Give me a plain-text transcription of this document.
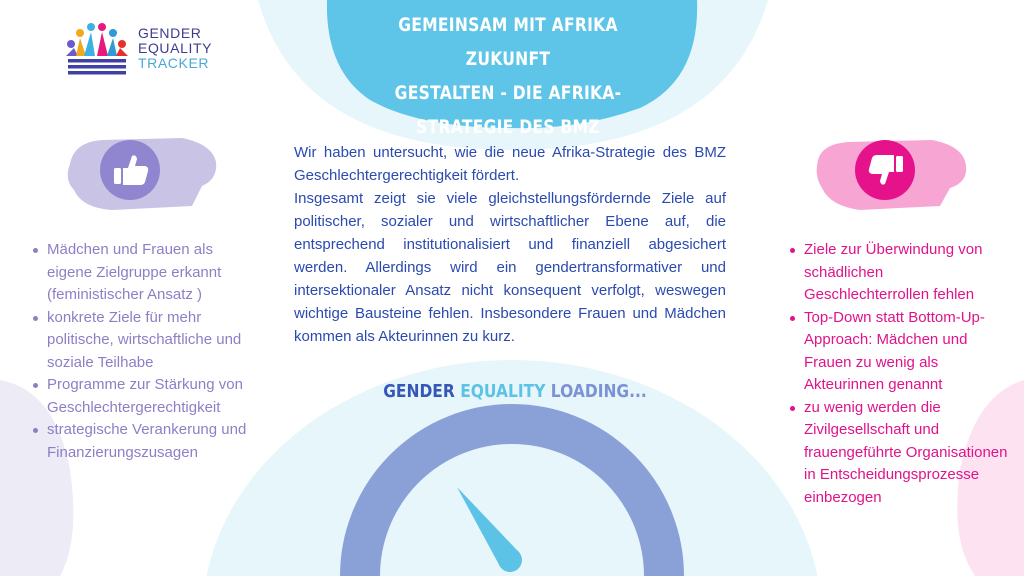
GENDER
EQUALITY
TRACKER
GEMEINSAM MIT AFRIKA ZUKUNFT
GESTALTEN - DIE AFRIKA-
STRATEGIE DES BMZ

Wir haben untersucht, wie die neue Afrika-Strategie des BMZ Geschlechtergerechtigkeit fördert.

Insgesamt zeigt sie viele gleichstellungsfördernde Ziele auf politischer, sozialer und wirtschaftlicher Ebene auf, die entsprechend institutionalisiert und finanziell abgesichert werden. Allerdings wird ein gendertransformativer und intersektionaler Ansatz nicht konsequent verfolgt, weswegen wichtige Bausteine fehlen. Insbesondere Frauen und Mädchen kommen als Akteurinnen zu kurz.

GENDER EQUALITY LOADING...
Mädchen und Frauen als eigene Zielgruppe erkannt (feministischer Ansatz )
konkrete Ziele für mehr politische, wirtschaftliche und soziale Teilhabe
Programme zur Stärkung von Geschlechtergerechtigkeit
strategische Verankerung und Finanzierungszusagen
Ziele zur Überwindung von schädlichen Geschlechterrollen fehlen
Top-Down statt Bottom-Up-Approach: Mädchen und Frauen zu wenig als Akteurinnen genannt
zu wenig werden die Zivilgesellschaft und frauengeführte Organisationen in Entscheidungsprozesse einbezogen
